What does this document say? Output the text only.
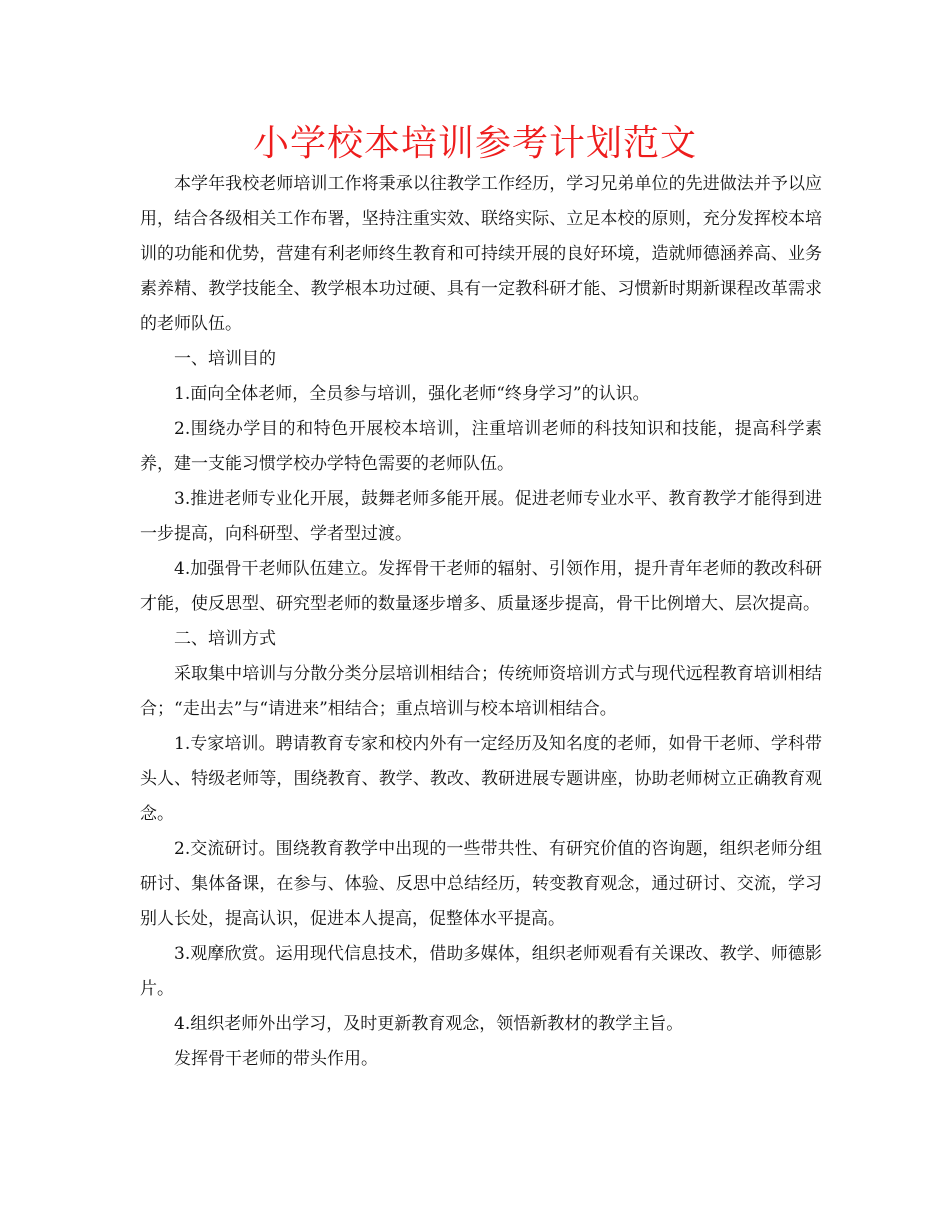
小学校本培训参考计划范文

本学年我校老师培训工作将秉承以往教学工作经历，学习兄弟单位的先进做法并予以应用，结合各级相关工作布署，坚持注重实效、联络实际、立足本校的原则，充分发挥校本培训的功能和优势，营建有利老师终生教育和可持续开展的良好环境，造就师德涵养高、业务素养精、教学技能全、教学根本功过硬、具有一定教科研才能、习惯新时期新课程改革需求的老师队伍。

一、培训目的

1.面向全体老师，全员参与培训，强化老师“终身学习”的认识。

2.围绕办学目的和特色开展校本培训，注重培训老师的科技知识和技能，提高科学素养，建一支能习惯学校办学特色需要的老师队伍。

3.推进老师专业化开展，鼓舞老师多能开展。促进老师专业水平、教育教学才能得到进一步提高，向科研型、学者型过渡。

4.加强骨干老师队伍建立。发挥骨干老师的辐射、引领作用，提升青年老师的教改科研才能，使反思型、研究型老师的数量逐步增多、质量逐步提高，骨干比例增大、层次提高。

二、培训方式

采取集中培训与分散分类分层培训相结合；传统师资培训方式与现代远程教育培训相结合；“走出去”与“请进来”相结合；重点培训与校本培训相结合。

1.专家培训。聘请教育专家和校内外有一定经历及知名度的老师，如骨干老师、学科带头人、特级老师等，围绕教育、教学、教改、教研进展专题讲座，协助老师树立正确教育观念。

2.交流研讨。围绕教育教学中出现的一些带共性、有研究价值的咨询题，组织老师分组研讨、集体备课，在参与、体验、反思中总结经历，转变教育观念，通过研讨、交流，学习别人长处，提高认识，促进本人提高，促整体水平提高。

3.观摩欣赏。运用现代信息技术，借助多媒体，组织老师观看有关课改、教学、师德影片。

4.组织老师外出学习，及时更新教育观念，领悟新教材的教学主旨。

发挥骨干老师的带头作用。
